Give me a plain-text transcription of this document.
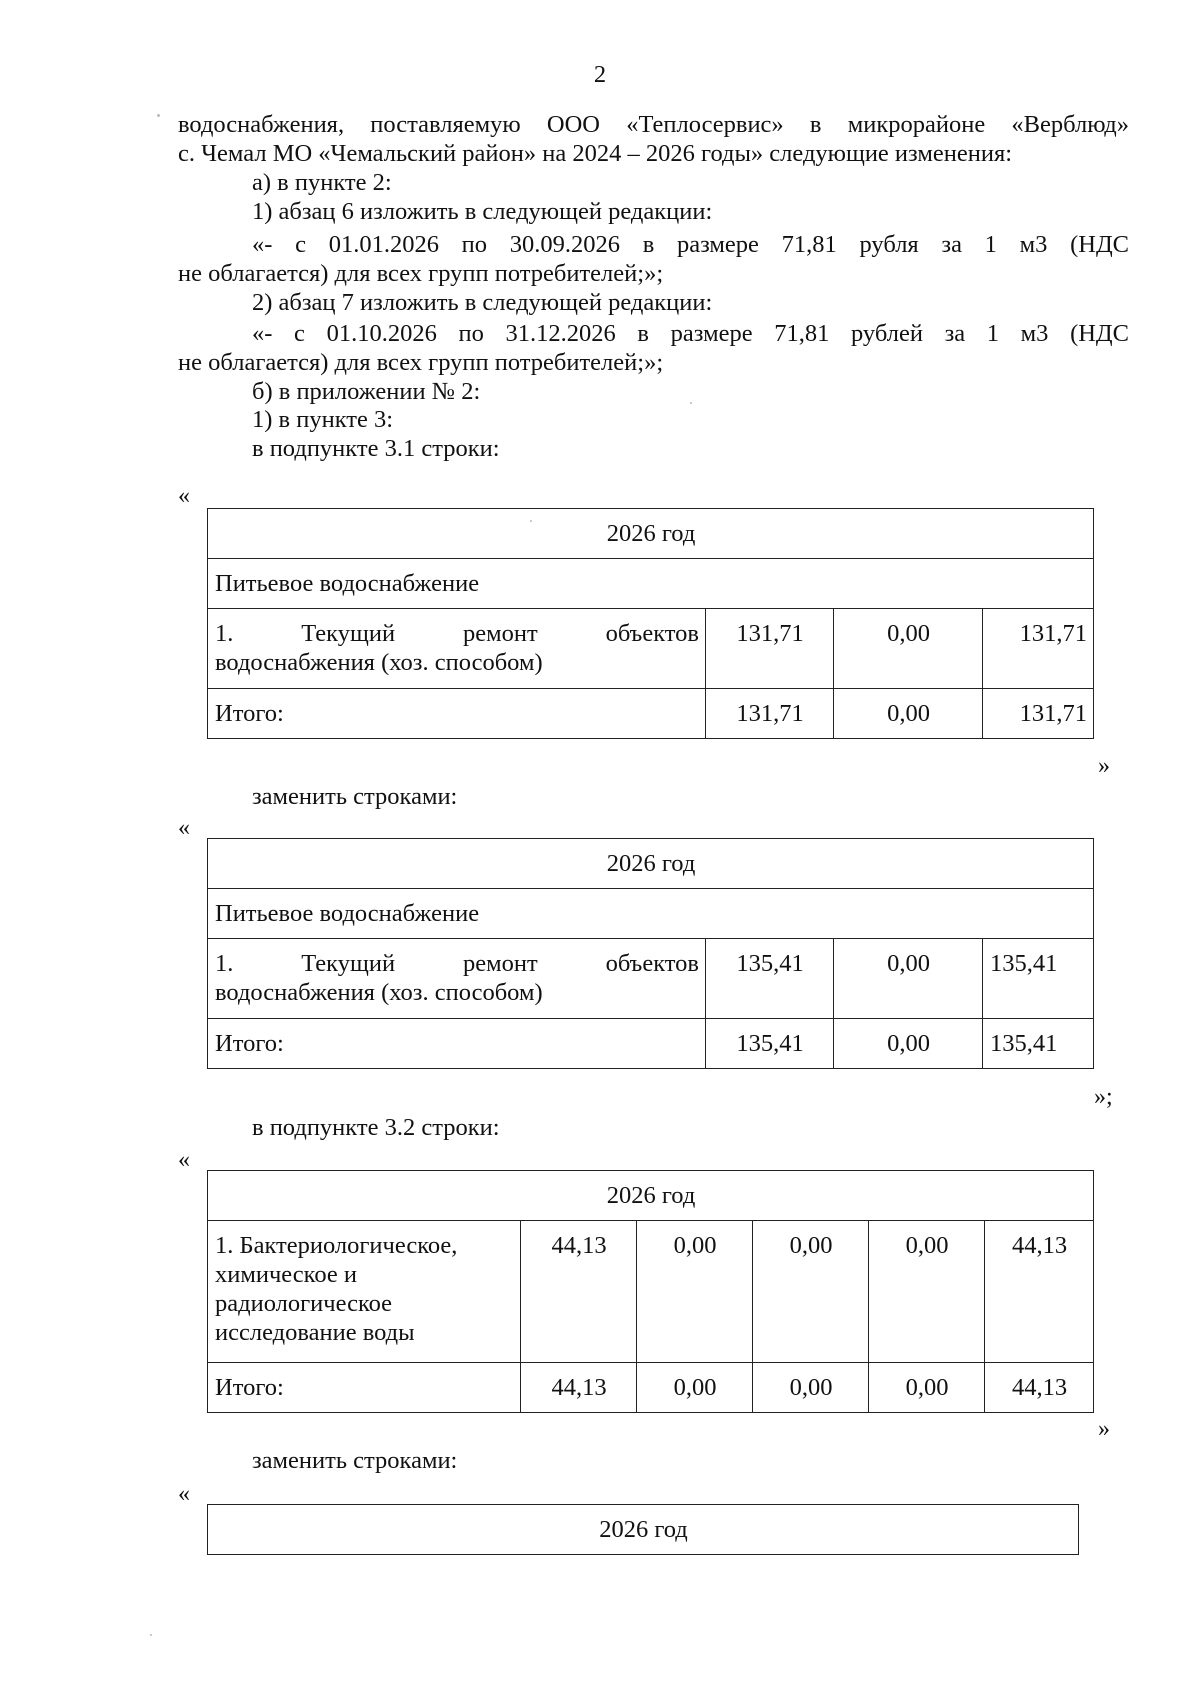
2
водоснабжения, поставляемую ООО «Теплосервис» в микрорайоне «Верблюд»
с. Чемал МО «Чемальский район» на 2024 – 2026 годы» следующие изменения:
а) в пункте 2:
1) абзац 6 изложить в следующей редакции:
«- с 01.01.2026 по 30.09.2026 в размере 71,81 рубля за 1 м3 (НДС
не облагается) для всех групп потребителей;»;
2) абзац 7 изложить в следующей редакции:
«- с 01.10.2026 по 31.12.2026 в размере 71,81 рублей за 1 м3 (НДС
не облагается) для всех групп потребителей;»;
б) в приложении № 2:
1) в пункте 3:
в подпункте 3.1 строки:
«
2026 год			
Питьевое водоснабжение			

1. Текущий ремонт объектов
водоснабжения (хоз. способом)	131,71	0,00	131,71
Итого:	131,71	0,00	131,71
»
заменить строками:
«
2026 год			
Питьевое водоснабжение			

1. Текущий ремонт объектов
водоснабжения (хоз. способом)	135,41	0,00	135,41
Итого:	135,41	0,00	135,41
»;
в подпункте 3.2 строки:
«
2026 год					

1. Бактериологическое,
химическое и
радиологическое
исследование воды	44,13	0,00	0,00	0,00	44,13
Итого:	44,13	0,00	0,00	0,00	44,13
»
заменить строками:
«
2026 год
